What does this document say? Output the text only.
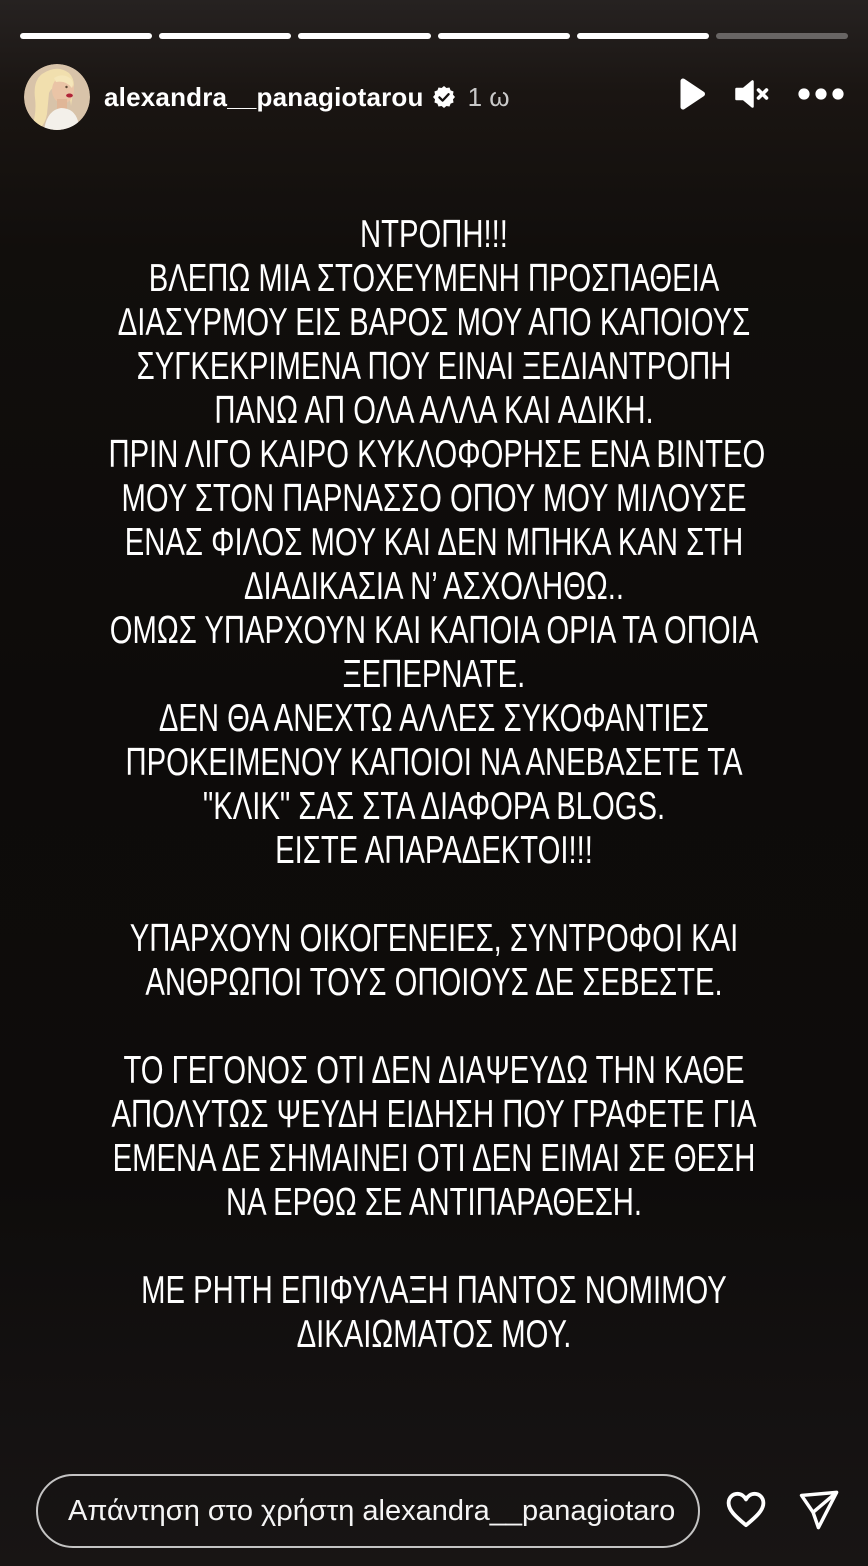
alexandra__panagiotarou 1 ω
ΝΤΡΟΠΗ!!!
ΒΛΕΠΩ ΜΙΑ ΣΤΟΧΕΥΜΕΝΗ ΠΡΟΣΠΑΘΕΙΑ
ΔΙΑΣΥΡΜΟΥ ΕΙΣ ΒΑΡΟΣ ΜΟΥ ΑΠΟ ΚΑΠΟΙΟΥΣ
ΣΥΓΚΕΚΡΙΜΕΝΑ ΠΟΥ ΕΙΝΑΙ ΞΕΔΙΑΝΤΡΟΠΗ
ΠΑΝΩ ΑΠ ΟΛΑ ΑΛΛΑ ΚΑΙ ΑΔΙΚΗ.
ΠΡΙΝ ΛΙΓΟ ΚΑΙΡΟ ΚΥΚΛΟΦΟΡΗΣΕ ΕΝΑ ΒΙΝΤΕΟ
ΜΟΥ ΣΤΟΝ ΠΑΡΝΑΣΣΟ ΟΠΟΥ ΜΟΥ ΜΙΛΟΥΣΕ
ΕΝΑΣ ΦΙΛΟΣ ΜΟΥ ΚΑΙ ΔΕΝ ΜΠΗΚΑ ΚΑΝ ΣΤΗ
ΔΙΑΔΙΚΑΣΙΑ Ν’ ΑΣΧΟΛΗΘΩ..
ΟΜΩΣ ΥΠΑΡΧΟΥΝ ΚΑΙ ΚΑΠΟΙΑ ΟΡΙΑ ΤΑ ΟΠΟΙΑ
ΞΕΠΕΡΝΑΤΕ.
ΔΕΝ ΘΑ ΑΝΕΧΤΩ ΑΛΛΕΣ ΣΥΚΟΦΑΝΤΙΕΣ
ΠΡΟΚΕΙΜΕΝΟΥ ΚΑΠΟΙΟΙ ΝΑ ΑΝΕΒΑΣΕΤΕ ΤΑ
"ΚΛΙΚ" ΣΑΣ ΣΤΑ ΔΙΑΦΟΡΑ BLOGS.
ΕΙΣΤΕ ΑΠΑΡΑΔΕΚΤΟΙ!!!

ΥΠΑΡΧΟΥΝ ΟΙΚΟΓΕΝΕΙΕΣ, ΣΥΝΤΡΟΦΟΙ ΚΑΙ
ΑΝΘΡΩΠΟΙ ΤΟΥΣ ΟΠΟΙΟΥΣ ΔΕ ΣΕΒΕΣΤΕ.

ΤΟ ΓΕΓΟΝΟΣ ΟΤΙ ΔΕΝ ΔΙΑΨΕΥΔΩ ΤΗΝ ΚΑΘΕ
ΑΠΟΛΥΤΩΣ ΨΕΥΔΗ ΕΙΔΗΣΗ ΠΟΥ ΓΡΑΦΕΤΕ ΓΙΑ
ΕΜΕΝΑ ΔΕ ΣΗΜΑΙΝΕΙ ΟΤΙ ΔΕΝ ΕΙΜΑΙ ΣΕ ΘΕΣΗ
ΝΑ ΕΡΘΩ ΣΕ ΑΝΤΙΠΑΡΑΘΕΣΗ.

ΜΕ ΡΗΤΗ ΕΠΙΦΥΛΑΞΗ ΠΑΝΤΟΣ ΝΟΜΙΜΟΥ
ΔΙΚΑΙΩΜΑΤΟΣ ΜΟΥ.
Απάντηση στο χρήστη alexandra__panagiotarou...
